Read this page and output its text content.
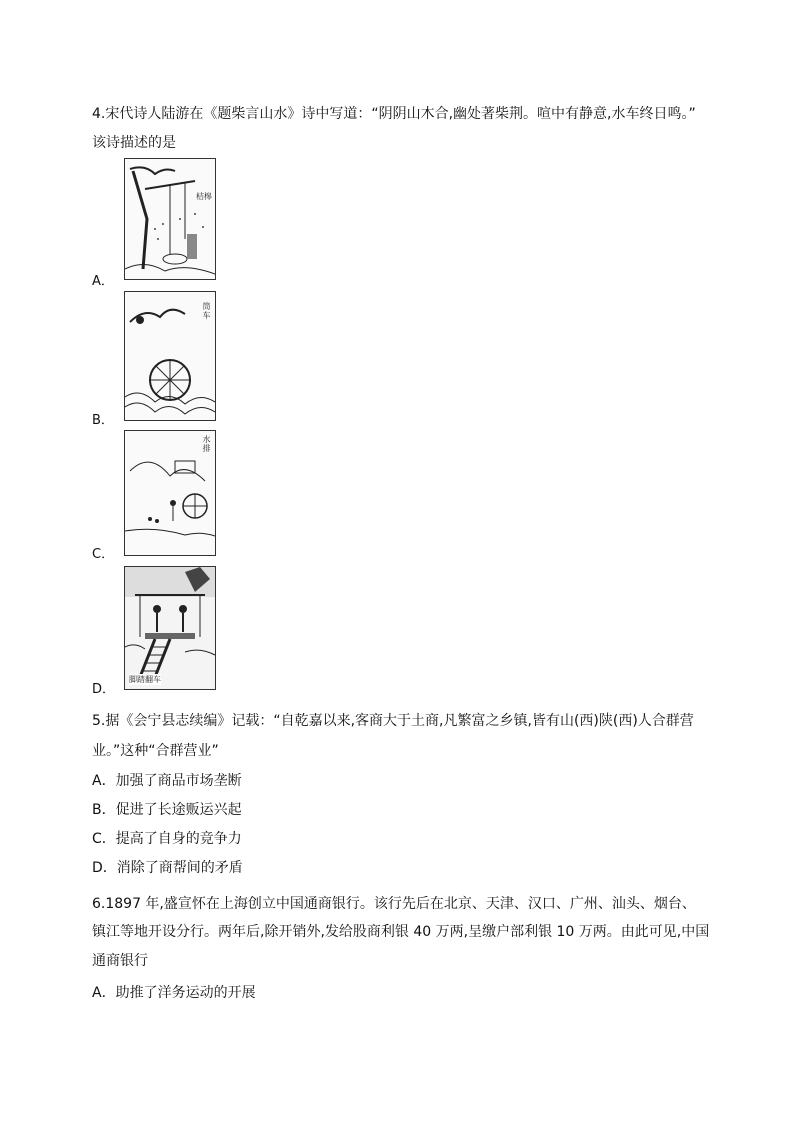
4.宋代诗人陆游在《题柴言山水》诗中写道：“阴阴山木合,幽处著柴荆。喧中有静意,水车终日鸣。”
该诗描述的是
桔槔
A．
筒车
B．
水排
C．
脚踏翻车
D．
5.据《会宁县志续编》记载：“自乾嘉以来,客商大于土商,凡繁富之乡镇,皆有山(西)陕(西)人合群营
业。”这种“合群营业”
A．加强了商品市场垄断
B．促进了长途贩运兴起
C．提高了自身的竞争力
D．消除了商帮间的矛盾
6.1897 年,盛宣怀在上海创立中国通商银行。该行先后在北京、天津、汉口、广州、汕头、烟台、
镇江等地开设分行。两年后,除开销外,发给股商利银 40 万两,呈缴户部利银 10 万两。由此可见,中国
通商银行
A．助推了洋务运动的开展
